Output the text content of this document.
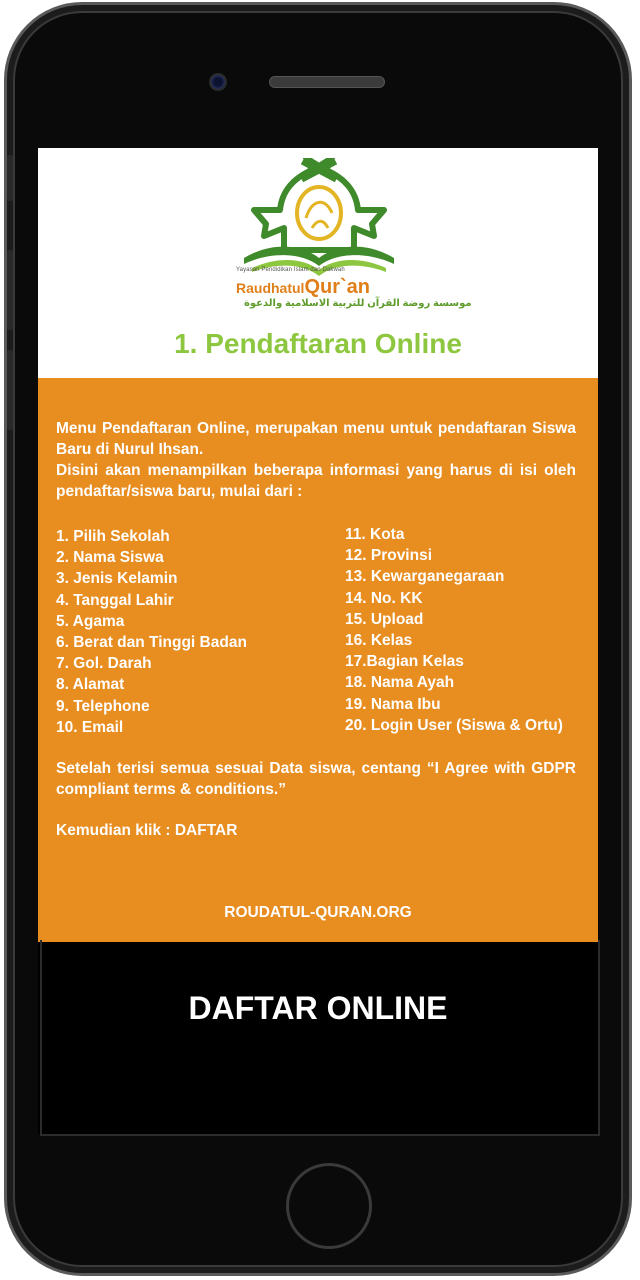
Yayasan Pendidikan Islam dan Dakwah
RaudhatulQur`an
موسسة روضة القرآن للتربية الاسلامية والدعوة
1. Pendaftaran Online

Menu Pendaftaran Online, merupakan menu untuk pendaftaran Siswa Baru di Nurul Ihsan.

Disini akan menampilkan beberapa informasi yang harus di isi oleh pendaftar/siswa baru, mulai dari :

1. Pilih Sekolah
2. Nama Siswa
3. Jenis Kelamin
4. Tanggal Lahir
5. Agama
6. Berat dan Tinggi Badan
7. Gol. Darah
8. Alamat
9. Telephone
10. Email
11. Kota
12. Provinsi
13. Kewarganegaraan
14. No. KK
15. Upload
16. Kelas
17.Bagian Kelas
18. Nama Ayah
19. Nama Ibu
20. Login User (Siswa & Ortu)
Setelah terisi semua sesuai Data siswa, centang “I Agree with GDPR compliant terms & conditions.”
Kemudian klik : DAFTAR
ROUDATUL-QURAN.ORG
DAFTAR ONLINE
